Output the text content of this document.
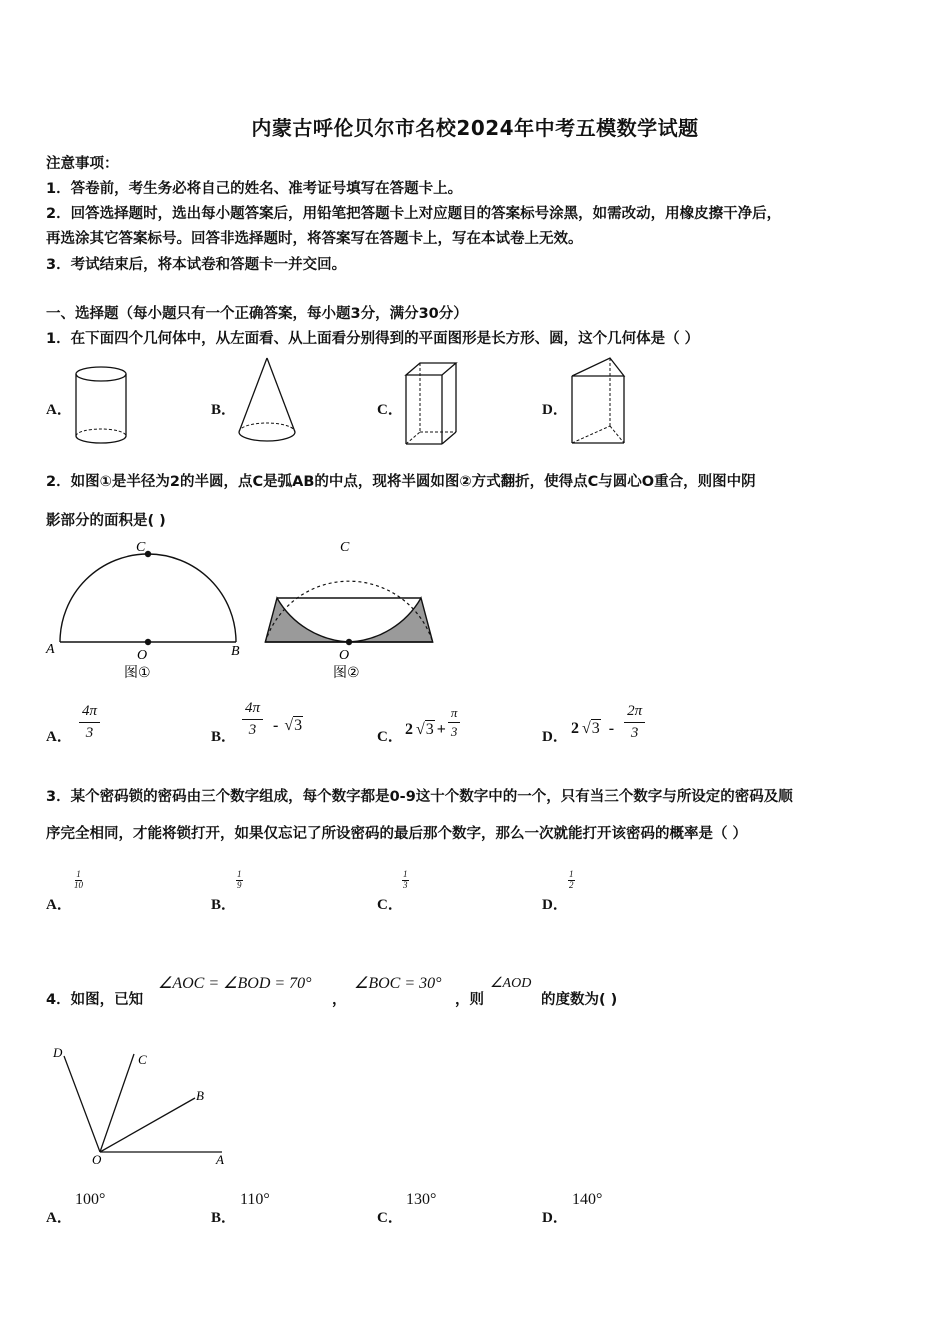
内蒙古呼伦贝尔市名校2024年中考五模数学试题
注意事项：
1．答卷前，考生务必将自己的姓名、准考证号填写在答题卡上。
2．回答选择题时，选出每小题答案后，用铅笔把答题卡上对应题目的答案标号涂黑，如需改动，用橡皮擦干净后，
再选涂其它答案标号。回答非选择题时，将答案写在答题卡上，写在本试卷上无效。
3．考试结束后，将本试卷和答题卡一并交回。
一、选择题（每小题只有一个正确答案，每小题3分，满分30分）
1．在下面四个几何体中，从左面看、从上面看分别得到的平面图形是长方形、圆，这个几何体是（ ）
A．	B．	C．	D．
2．如图①是半径为2的半圆，点C是弧AB的中点，现将半圆如图②方式翻折，使得点C与圆心O重合，则图中阴
影部分的面积是( )
C
A	O	B
图①
C
O
图②
A． $\frac{4\pi}{3}$	B． $\frac{4\pi}{3} - √3$
C． 2 $√3 + \frac{\pi}{3}$	D． 2 $√3 - \frac{2\pi}{3}$
3．某个密码锁的密码由三个数字组成，每个数字都是0-9这十个数字中的一个，只有当三个数字与所设定的密码及顺
序完全相同，才能将锁打开，如果仅忘记了所设密码的最后那个数字，那么一次就能打开该密码的概率是（ ）
A．
$\frac{1}{10}$
B．
$\frac{1}{9}$
C．
$\frac{1}{3}$
D．
$\frac{1}{2}$
4．如图，已知
∠AOC = ∠BOD = 70°
，
∠BOC = 30°
，则
∠AOD
的度数为( )
D	C
B
O	A
A．
100°
B．
110°
C．
130°
D．
140°
